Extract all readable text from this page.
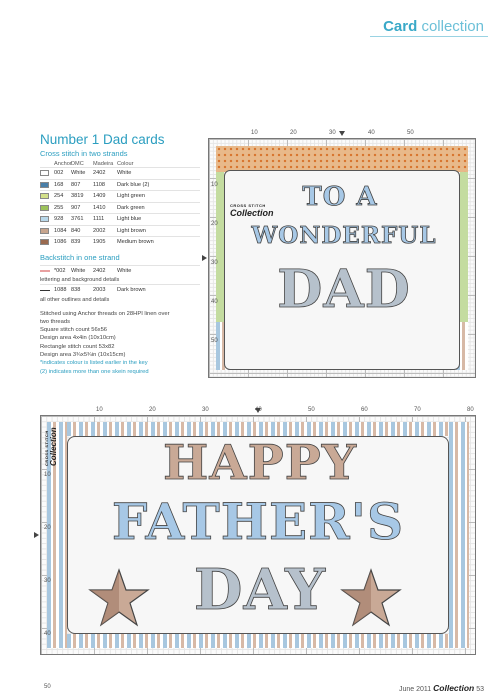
Card collection
Number 1 Dad cards
Cross stitch in two strands
Anchor DMC	Madeira Colour
002	White	2402	White
168	807	1108	Dark blue (2)
254	3819	1409	Light green
255	907	1410	Dark green
928	3761	1111	Light blue
1084 840	2002	Light brown
1086 839	1905	Medium brown
Backstitch in one strand
*002 White	2402	White
lettering and background details
1088 838	2003	Dark brown
all other outlines and details
Stitched using Anchor threads on 28HPI linen over
two threads
Square stitch count 56x56
Design area 4x4in (10x10cm)
Rectangle stitch count 53x82
Design area 3¾x5¾in (10x15cm)
*indicates colour is listed earlier in the key
(2) indicates more than one skein required
TO A
WONDERFUL
DAD
CROSS STITCH
Collection
10	20	30	40	50
10
20
30
40
50
HAPPY
FATHER'S
DAY
CROSS STITCH Collection
10	20	30	40	50	60	70	80
10
20
30
40
50	June 2011 Collection 53
